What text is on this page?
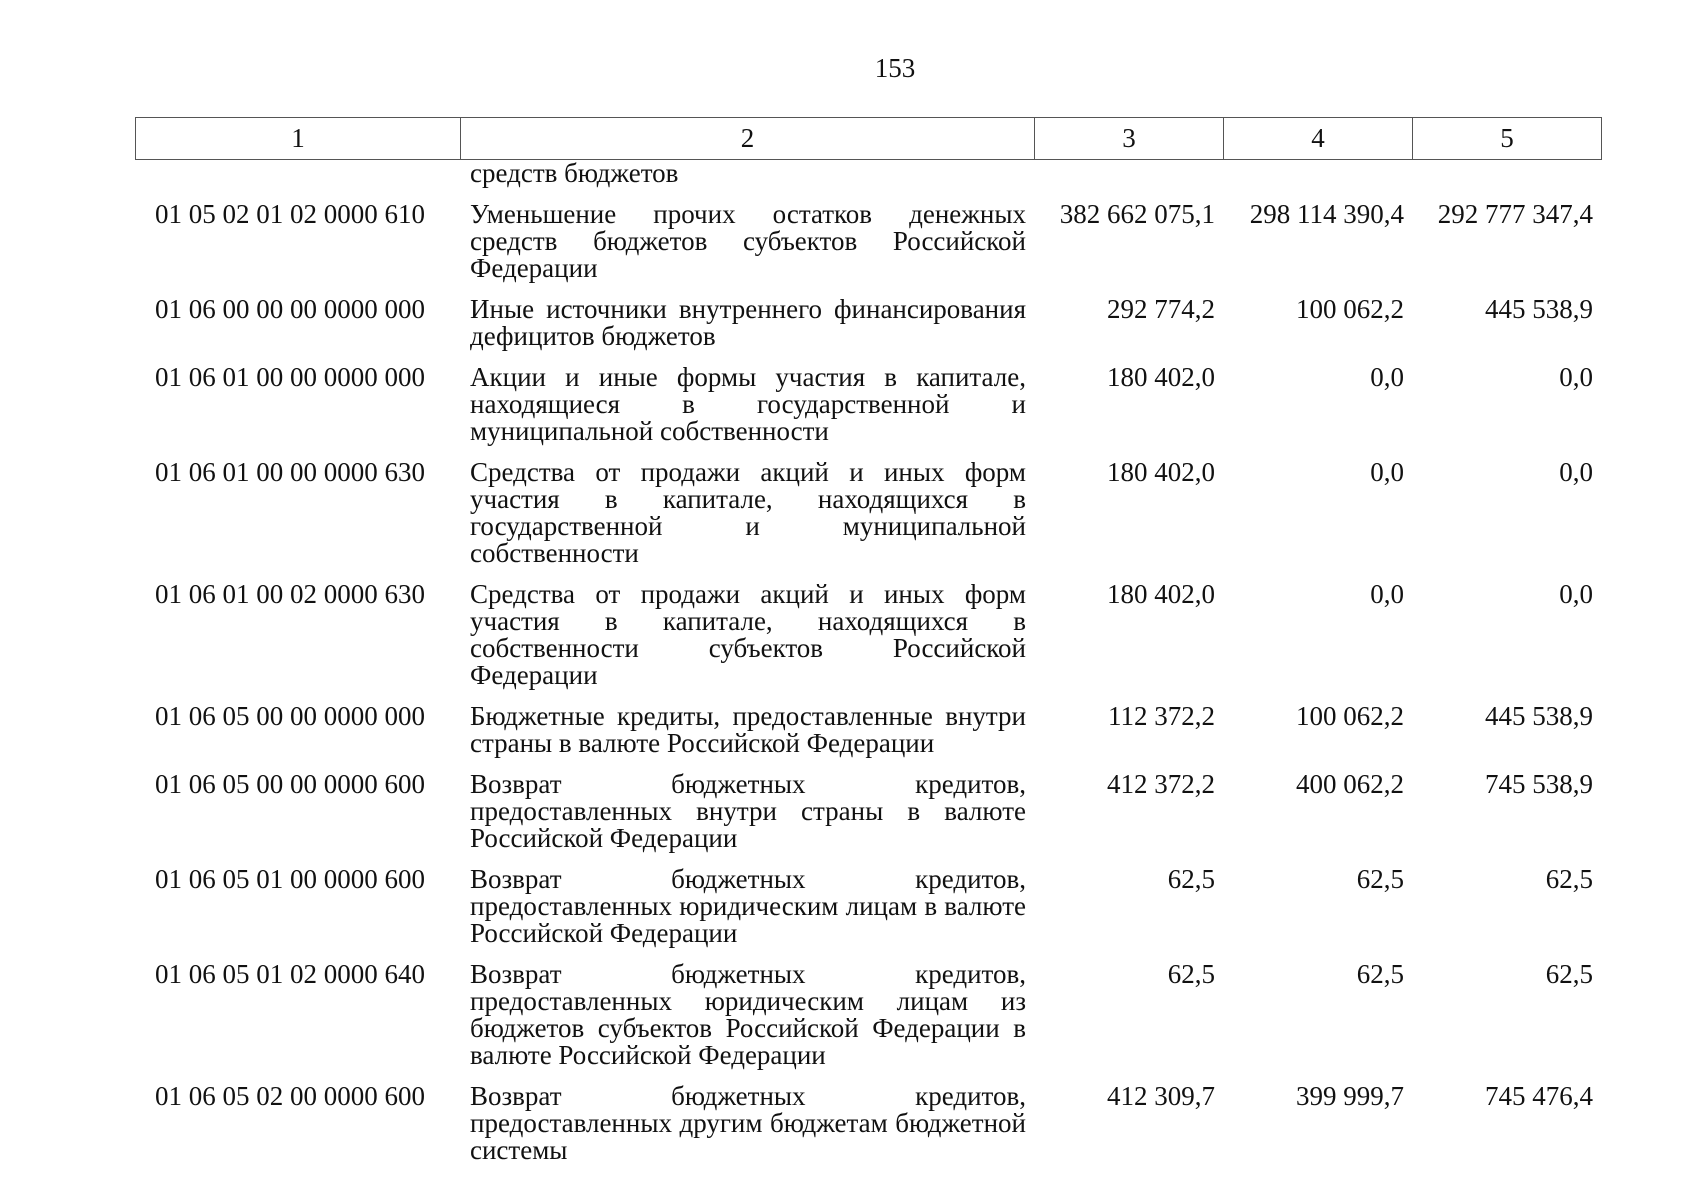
153
1	2	3	4	5
	средств бюджетов			
01 05 02 01 02 0000 610	Уменьшение прочих остатков денежных средств бюджетов субъектов Российской Федерации	382 662 075,1	298 114 390,4	292 777 347,4
01 06 00 00 00 0000 000	Иные источники внутреннего финансирования дефицитов бюджетов	292 774,2	100 062,2	445 538,9
01 06 01 00 00 0000 000	Акции и иные формы участия в капитале, находящиеся в государственной и муниципальной собственности	180 402,0	0,0	0,0
01 06 01 00 00 0000 630	Средства от продажи акций и иных форм участия в капитале, находящихся в государственной и муниципальной собственности	180 402,0	0,0	0,0
01 06 01 00 02 0000 630	Средства от продажи акций и иных форм участия в капитале, находящихся в собственности субъектов Российской Федерации	180 402,0	0,0	0,0
01 06 05 00 00 0000 000	Бюджетные кредиты, предоставленные внутри страны в валюте Российской Федерации	112 372,2	100 062,2	445 538,9
01 06 05 00 00 0000 600	Возврат бюджетных кредитов, предоставленных внутри страны в валюте Российской Федерации	412 372,2	400 062,2	745 538,9
01 06 05 01 00 0000 600	Возврат бюджетных кредитов, предоставленных юридическим лицам в валюте Российской Федерации	62,5	62,5	62,5
01 06 05 01 02 0000 640	Возврат бюджетных кредитов, предоставленных юридическим лицам из бюджетов субъектов Российской Федерации в валюте Российской Федерации	62,5	62,5	62,5
01 06 05 02 00 0000 600	Возврат бюджетных кредитов, предоставленных другим бюджетам бюджетной системы	412 309,7	399 999,7	745 476,4
